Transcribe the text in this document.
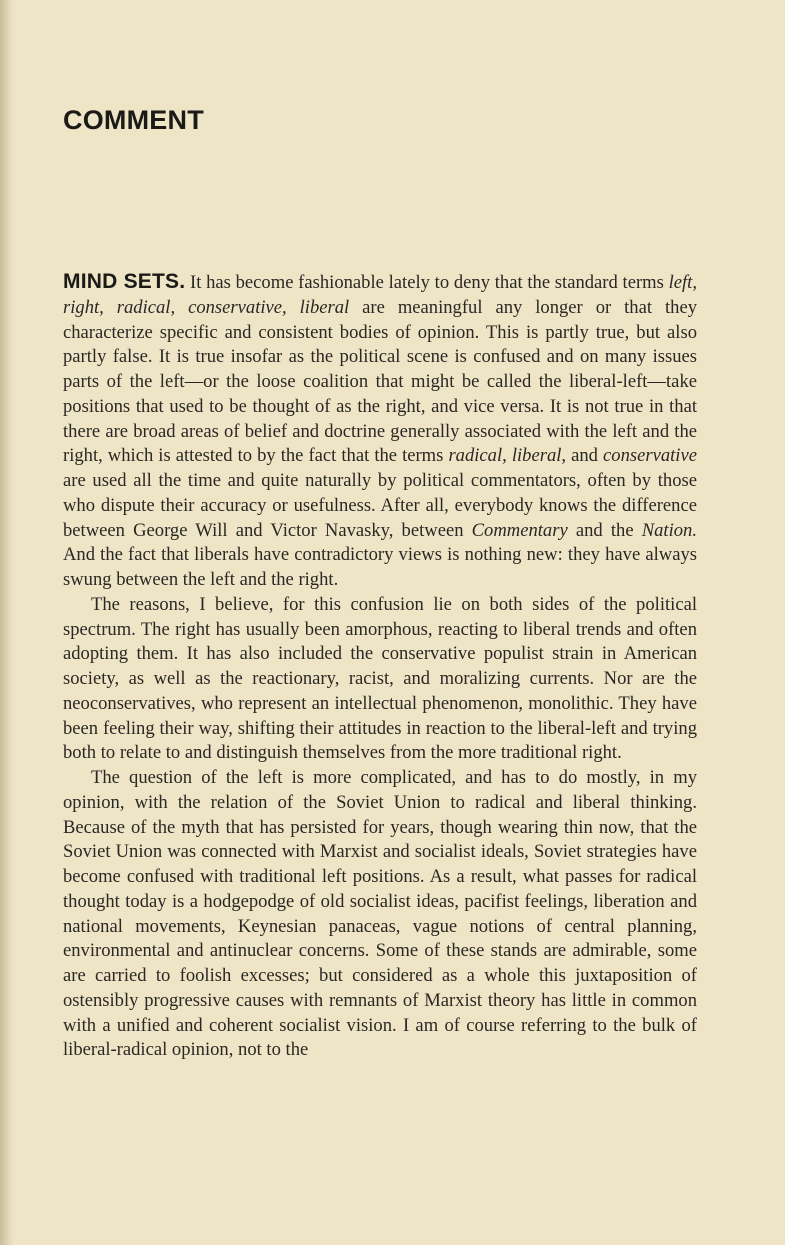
COMMENT

MIND SETS. It has become fashionable lately to deny that the standard terms left, right, radical, conservative, liberal are meaningful any longer or that they characterize specific and consistent bodies of opinion. This is partly true, but also partly false. It is true insofar as the political scene is confused and on many issues parts of the left—or the loose coalition that might be called the liberal-left—take positions that used to be thought of as the right, and vice versa. It is not true in that there are broad areas of belief and doctrine generally associated with the left and the right, which is attested to by the fact that the terms radical, liberal, and conservative are used all the time and quite naturally by political commentators, often by those who dispute their accuracy or usefulness. After all, everybody knows the difference between George Will and Victor Navasky, between Commentary and the Nation. And the fact that liberals have contradictory views is nothing new: they have always swung between the left and the right.

The reasons, I believe, for this confusion lie on both sides of the political spectrum. The right has usually been amorphous, reacting to liberal trends and often adopting them. It has also included the conservative populist strain in American society, as well as the reactionary, racist, and moralizing currents. Nor are the neoconservatives, who represent an intellectual phenomenon, monolithic. They have been feeling their way, shifting their attitudes in reaction to the liberal-left and trying both to relate to and distinguish themselves from the more traditional right.

The question of the left is more complicated, and has to do mostly, in my opinion, with the relation of the Soviet Union to radical and liberal thinking. Because of the myth that has persisted for years, though wearing thin now, that the Soviet Union was connected with Marxist and socialist ideals, Soviet strategies have become confused with traditional left positions. As a result, what passes for radical thought today is a hodgepodge of old socialist ideas, pacifist feelings, liberation and national movements, Keynesian panaceas, vague notions of central planning, environmental and antinuclear concerns. Some of these stands are admirable, some are carried to foolish excesses; but considered as a whole this juxtaposition of ostensibly progressive causes with remnants of Marxist theory has little in common with a unified and coherent socialist vision. I am of course referring to the bulk of liberal-radical opinion, not to the
